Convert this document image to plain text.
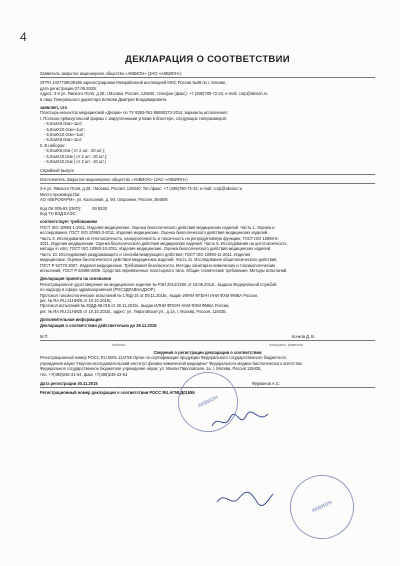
4
ДЕКЛАРАЦИЯ О СООТВЕТСТВИИ
Заявитель закрытое акционерное общество «АКВИОН» (ЗАО «АКВИОН»)
ОГРН 1027739039195 зарегистрирован Межрайонной инспекцией МНС России №39 по г. Москве,
дата регистрации 07.08.2002г.
Адрес: 3-я ул. Ямского Поля, д.28, г.Москва, Россия, 125040, телефон (факс): +7 (495)780-72-34, e-mail: corp@akvion.ru
в лице Генерального директора Кочкова Дмитрия Владимировича
заявляет, что
Пластырь-инъектор медицинский «Днарм» по ТУ 9393-061-58695373-2014, варианты исполнения:
I. Полоски прямоугольной формы с закругленными углами в блистере, следующих типоразмеров:
- 6,0смХ8,0см»-1шт;
- 5,0смХ10,0см»-1шт;
- 6,0смХ10,0см»-1шт;
- 6,0смХ8,0см»-1шт;
II. В наборах:
- 6,0смХ8,0см ( от 2 шт.- 20 шт.);
- 5,0смХ10,0см ( от 2 шт.- 20 шт.);
- 6,0смХ10,0см ( от 2 шт.- 20 шт.)
Серийный выпуск
Изготовитель Закрытое акционерное общество «АКВИОН» (ЗАО «АКВИОН»)
3-я ул. Ямского Поля, д.28, г.Москва, Россия, 125040. Тел./факс: +7 (495)780-72-34, e-mail: corp@akvion.ru
Место производства:
АО «ВЕРОФАРМ», ул. Колхозная, д. 90, г.Воронеж, Россия, 394006
Код ОК 005-93 (ОКП):	93 9330
Код ТН ВЭД ЕАЭС:
соответствует требованиям
ГОСТ ISO 10993-1-2011. Изделия медицинские. Оценка биологического действия медицинских изделий. Часть 1. Оценка и
исследования, ГОСТ ISO 10993-3-2011. Изделия медицинские. Оценка биологического действия медицинских изделий.
Часть 3. Исследования на генотоксичность, канцерогенность и токсичность на репродуктивную функцию; ГОСТ ISO 10993-5-
2011. Изделия медицинские. Оценка биологического действия медицинских изделий. Часть 5. Исследования на цитотоксичность:
методы in vitro; ГОСТ ISO 10993-10-2011. Изделия медицинские. Оценка биологического действия медицинских изделий.
Часть 10. Исследования раздражающего и сенсибилизирующего действия; ГОСТ ISO 10993-11-2011. Изделия
медицинские. Оценка биологического действия медицинских изделий. Часть 11. Исследования общетоксического действия;
ГОСТ Р 52770-2007. Изделия медицинские. Требования безопасности. Методы санитарно-химических и токсикологических
испытаний; ГОСТ Р 53498-2009. Средства перевязочные пластырного типа. Общие технические требования. Методы испытаний.
Декларация принята на основании
Регистрационное удостоверение на медицинское изделие № РЗН 2014/2206 от 18.09.2013г., выдано Федеральной службой
по надзору в сфере здравоохранения (РОСЗДРАВНАДЗОР).
Протокол токсикологических испытаний № 17БД-15 от 09.11.2015г., выдан ИЛНИ ФГБУН ННИ ФХМ ФМБА России,
рег. № RA.RU.21НИ25 от 10.10.2015г.;
Протокол испытаний № 28ДД-68.015 от 26.11.2015г., выдан ИЛНИ ФГБУН ННИ ФХМ ФМБА России,
рег. № RA.RU.21НИ25 от 10.10.2015г., адрес: ул. Пироговская ул., д.1а, г. Москва, Россия, 119435.
Дополнительная информация
Декларация о соответствии действительна до 29.11.2018
М.П.	Кочков Д. В.
подпись	инициалы, фамилия
Сведения о регистрации декларации о соответствии
Регистрационный номер РОСС RU.0001.11АГ58 Орган по сертификации продукции Федерального государственного бюджетного
учреждения науки "Научно-исследовательский институт физико-химической медицины" Федерального медико-биологического агентства
Федеральное государственное бюджетное учреждение науки, ул. Малая Пироговская, 1а, г. Москва, Россия 119435,
тел. +7(499)246-31-64, факс +7(499)246-43-54
Дата регистрации 30.11.2015	Фурманов А.С.
Регистрационный номер декларации о соответствии РОСС RU.АГ58.Д01655
АКВИОН
АКВИОН
